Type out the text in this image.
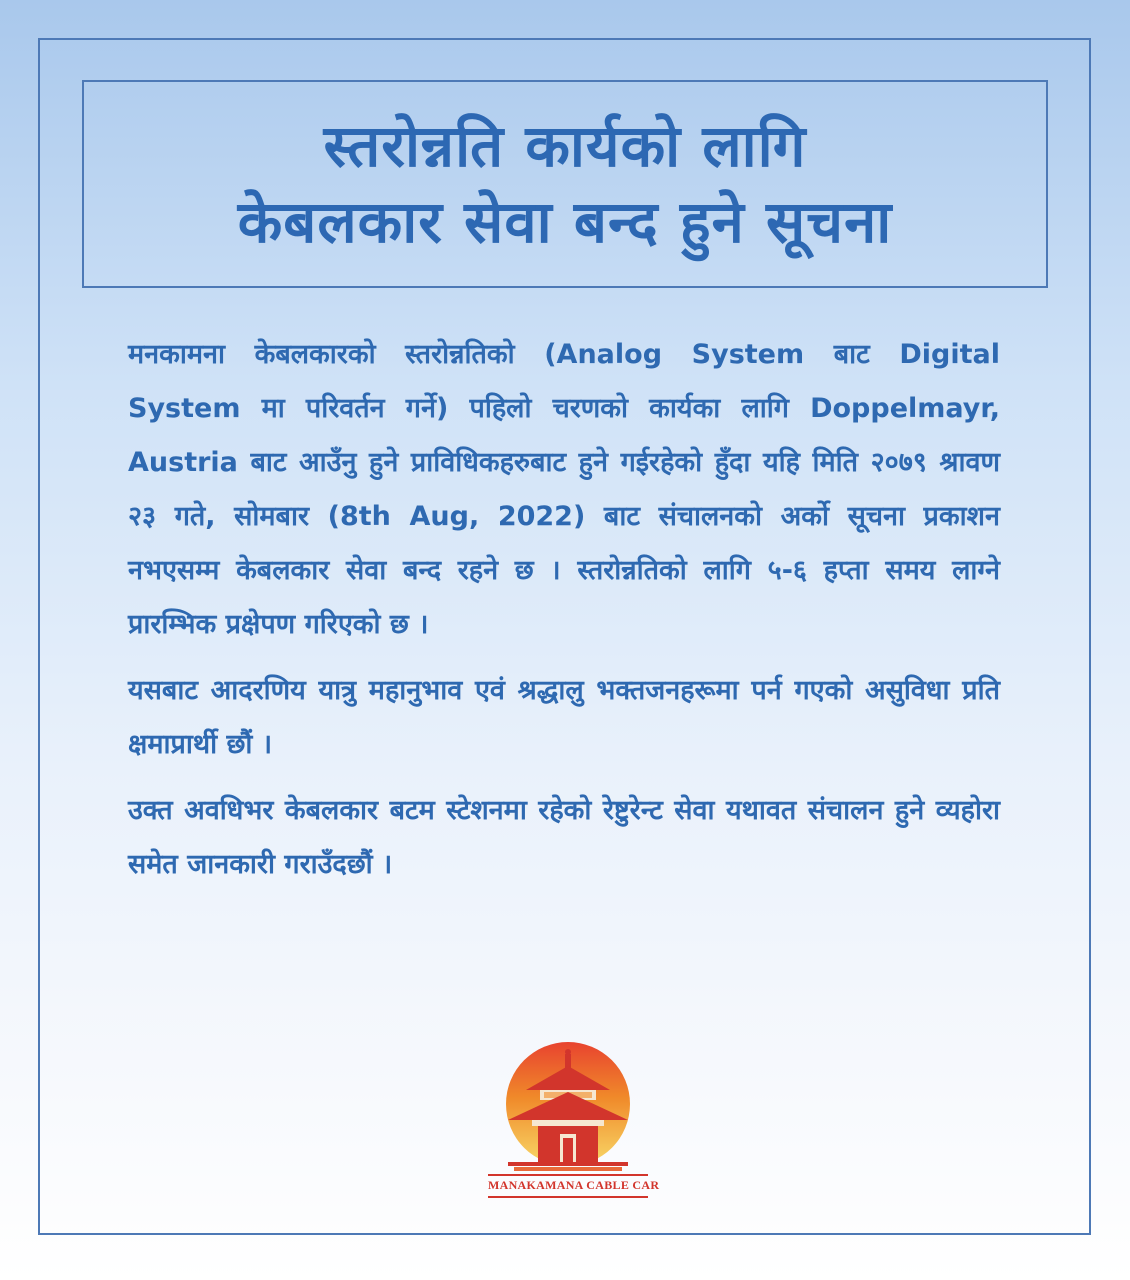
स्तरोन्नति कार्यको लागि
केबलकार सेवा बन्द हुने सूचना

मनकामना केबलकारको स्तरोन्नतिको (Analog System बाट Digital System मा परिवर्तन गर्ने) पहिलो चरणको कार्यका लागि Doppelmayr, Austria बाट आउँनु हुने प्राविधिकहरुबाट हुने गईरहेको हुँदा यहि मिति २०७९ श्रावण २३ गते, सोमबार (8th Aug, 2022) बाट संचालनको अर्को सूचना प्रकाशन नभएसम्म केबलकार सेवा बन्द रहने छ । स्तरोन्नतिको लागि ५-६ हप्ता समय लाग्ने प्रारम्भिक प्रक्षेपण गरिएको छ ।

यसबाट आदरणिय यात्रु महानुभाव एवं श्रद्धालु भक्तजनहरूमा पर्न गएको असुविधा प्रति क्षमाप्रार्थी छौं ।

उक्त अवधिभर केबलकार बटम स्टेशनमा रहेको रेष्टुरेन्ट सेवा यथावत संचालन हुने व्यहोरा समेत जानकारी गराउँदछौं ।

MANAKAMANA CABLE CAR
